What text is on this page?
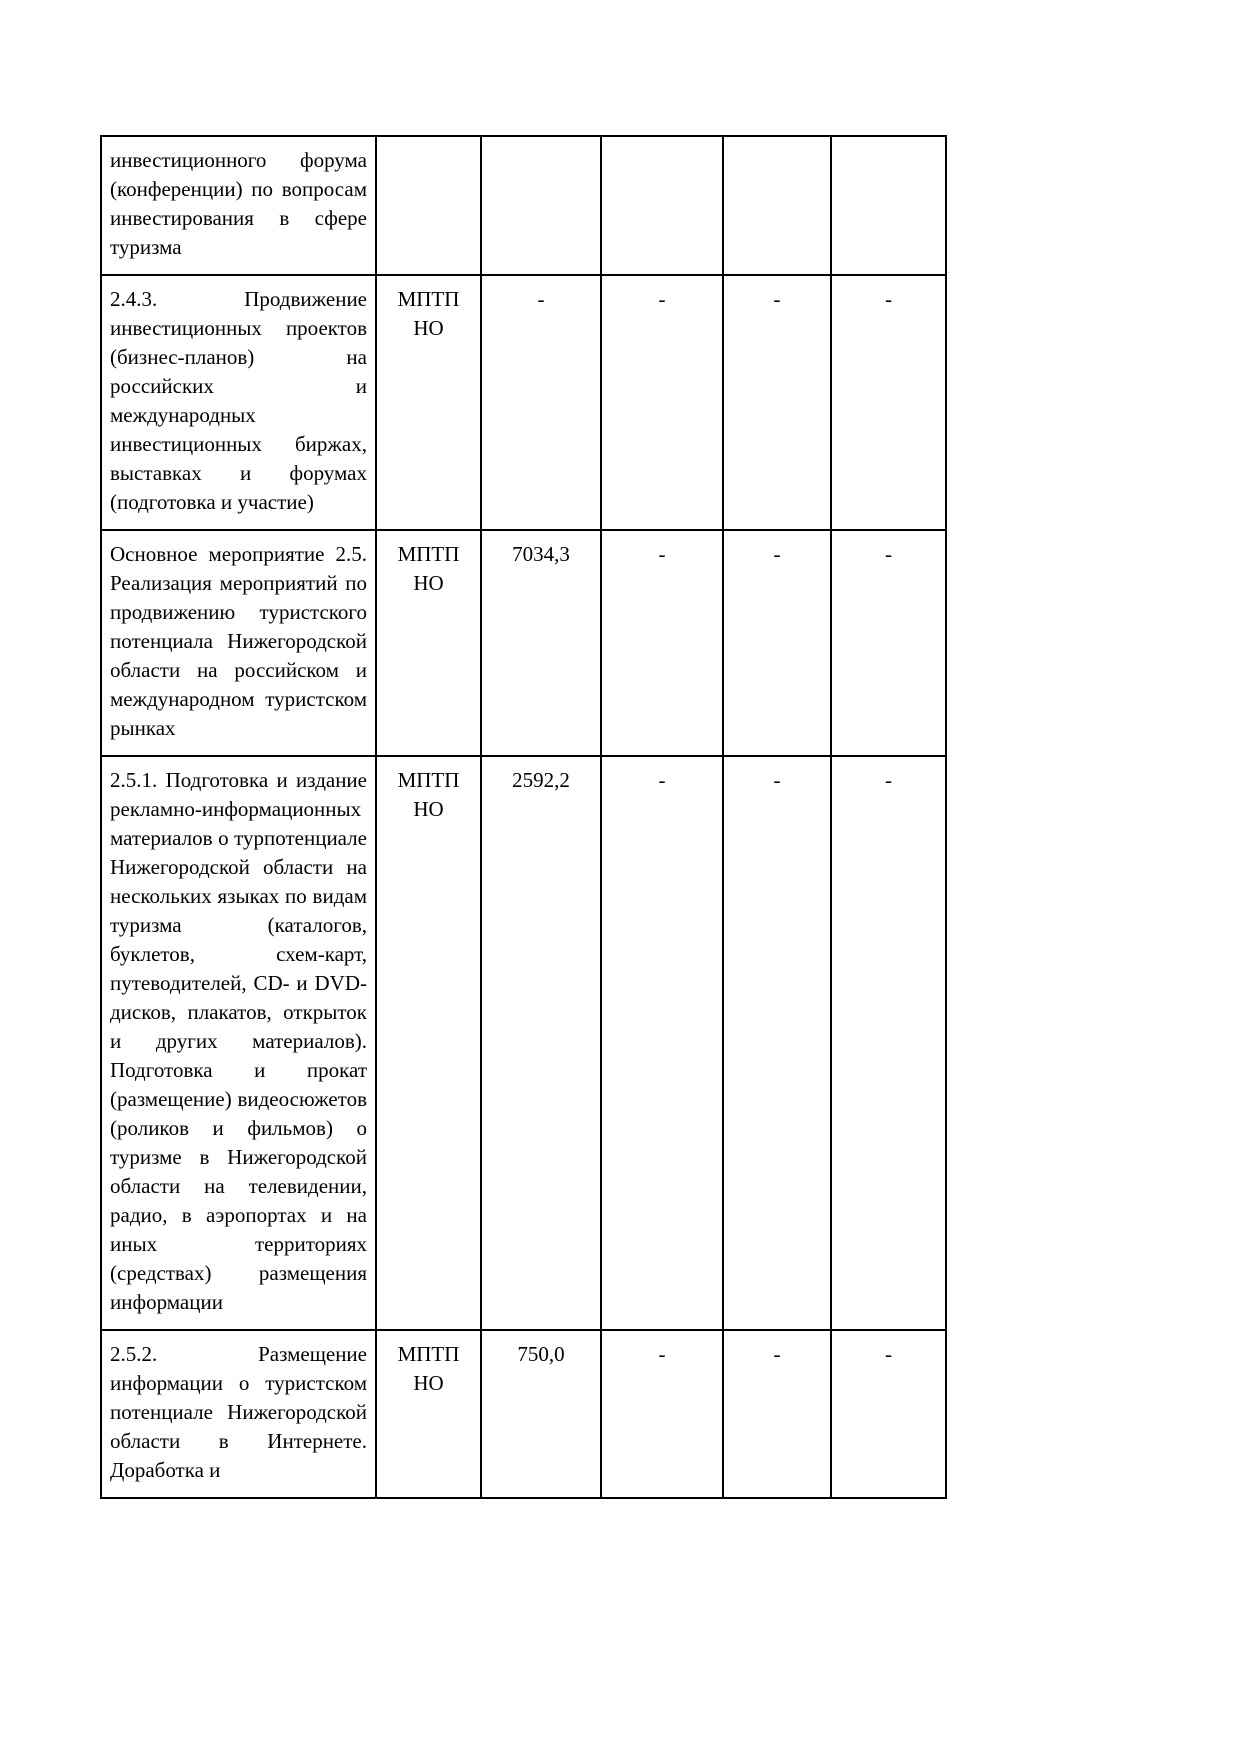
инвестиционного форума (конференции) по вопросам инвестирования в сфере туризма					
2.4.3. Продвижение инвестиционных проектов (бизнес-планов) на российских и международных инвестиционных биржах, выставках и форумах (подготовка и участие)	МПТП НО	-	-	-	-
Основное мероприятие 2.5. Реализация мероприятий по продвижению туристского потенциала Нижегородской области на российском и международном туристском рынках	МПТП НО	7034,3	-	-	-
2.5.1. Подготовка и издание рекламно-информационных материалов о турпотенциале Нижегородской области на нескольких языках по видам туризма (каталогов, буклетов, схем-карт, путеводителей, CD- и DVD-дисков, плакатов, открыток и других материалов). Подготовка и прокат (размещение) видеосюжетов (роликов и фильмов) о туризме в Нижегородской области на телевидении, радио, в аэропортах и на иных территориях (средствах) размещения информации	МПТП НО	2592,2	-	-	-
2.5.2. Размещение информации о туристском потенциале Нижегородской области в Интернете. Доработка и	МПТП НО	750,0	-	-	-
